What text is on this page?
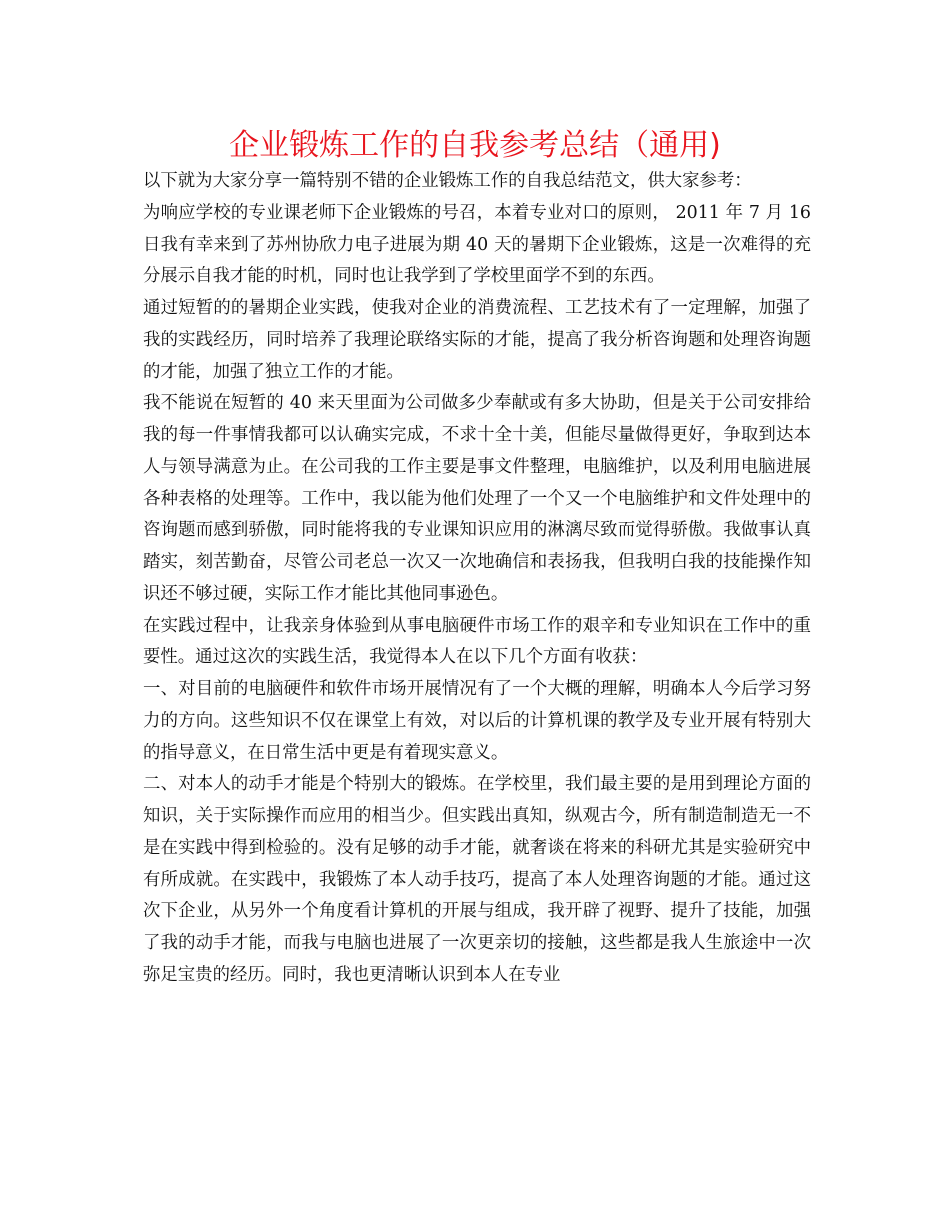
企业锻炼工作的自我参考总结（通用)

以下就为大家分享一篇特别不错的企业锻炼工作的自我总结范文，供大家参考：

为响应学校的专业课老师下企业锻炼的号召，本着专业对口的原则， 2011 年 7 月 16 日我有幸来到了苏州协欣力电子进展为期 40 天的暑期下企业锻炼，这是一次难得的充分展示自我才能的时机，同时也让我学到了学校里面学不到的东西。

通过短暂的的暑期企业实践，使我对企业的消费流程、工艺技术有了一定理解，加强了我的实践经历，同时培养了我理论联络实际的才能，提高了我分析咨询题和处理咨询题的才能，加强了独立工作的才能。

我不能说在短暂的 40 来天里面为公司做多少奉献或有多大协助，但是关于公司安排给我的每一件事情我都可以认确实完成，不求十全十美，但能尽量做得更好，争取到达本人与领导满意为止。在公司我的工作主要是事文件整理，电脑维护，以及利用电脑进展各种表格的处理等。工作中，我以能为他们处理了一个又一个电脑维护和文件处理中的咨询题而感到骄傲，同时能将我的专业课知识应用的淋漓尽致而觉得骄傲。我做事认真踏实，刻苦勤奋，尽管公司老总一次又一次地确信和表扬我，但我明白我的技能操作知识还不够过硬，实际工作才能比其他同事逊色。

在实践过程中，让我亲身体验到从事电脑硬件市场工作的艰辛和专业知识在工作中的重要性。通过这次的实践生活，我觉得本人在以下几个方面有收获：

一、对目前的电脑硬件和软件市场开展情况有了一个大概的理解，明确本人今后学习努力的方向。这些知识不仅在课堂上有效，对以后的计算机课的教学及专业开展有特别大的指导意义，在日常生活中更是有着现实意义。

二、对本人的动手才能是个特别大的锻炼。在学校里，我们最主要的是用到理论方面的知识，关于实际操作而应用的相当少。但实践出真知，纵观古今，所有制造制造无一不是在实践中得到检验的。没有足够的动手才能，就奢谈在将来的科研尤其是实验研究中有所成就。在实践中，我锻炼了本人动手技巧，提高了本人处理咨询题的才能。通过这次下企业，从另外一个角度看计算机的开展与组成，我开辟了视野、提升了技能，加强了我的动手才能，而我与电脑也进展了一次更亲切的接触，这些都是我人生旅途中一次弥足宝贵的经历。同时，我也更清晰认识到本人在专业
